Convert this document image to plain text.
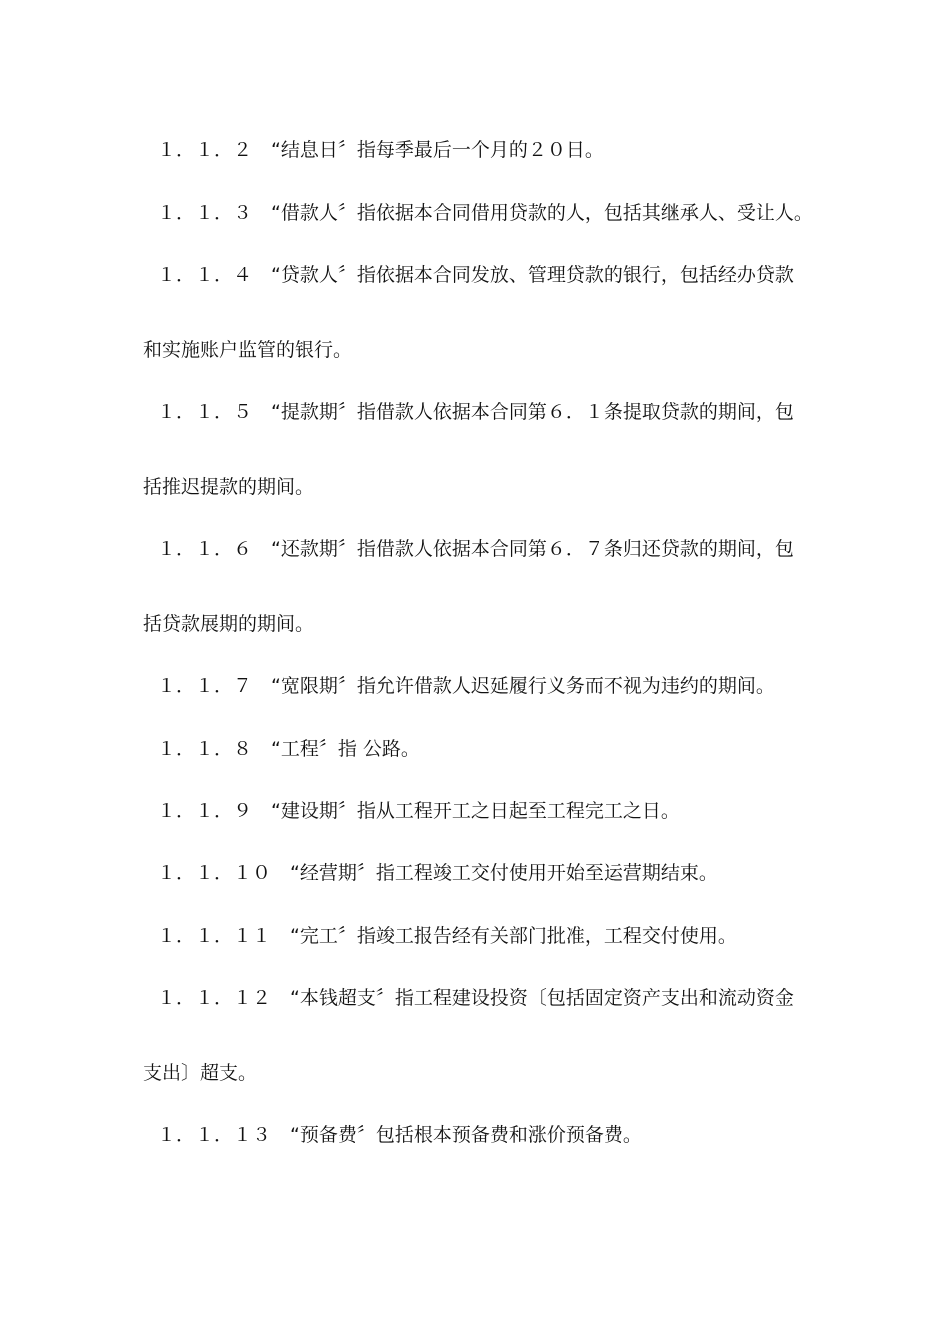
１．１．２　“结息日〞指每季最后一个月的２０日。
１．１．３　“借款人〞指依据本合同借用贷款的人，包括其继承人、受让人。
１．１．４　“贷款人〞指依据本合同发放、管理贷款的银行，包括经办贷款
和实施账户监管的银行。
１．１．５　“提款期〞指借款人依据本合同第６．１条提取贷款的期间，包
括推迟提款的期间。
１．１．６　“还款期〞指借款人依据本合同第６．７条归还贷款的期间，包
括贷款展期的期间。
１．１．７　“宽限期〞指允许借款人迟延履行义务而不视为违约的期间。
１．１．８　“工程〞指 公路。
１．１．９　“建设期〞指从工程开工之日起至工程完工之日。
１．１．１０　“经营期〞指工程竣工交付使用开始至运营期结束。
１．１．１１　“完工〞指竣工报告经有关部门批准，工程交付使用。
１．１．１２　“本钱超支〞指工程建设投资〔包括固定资产支出和流动资金
支出〕超支。
１．１．１３　“预备费〞包括根本预备费和涨价预备费。
